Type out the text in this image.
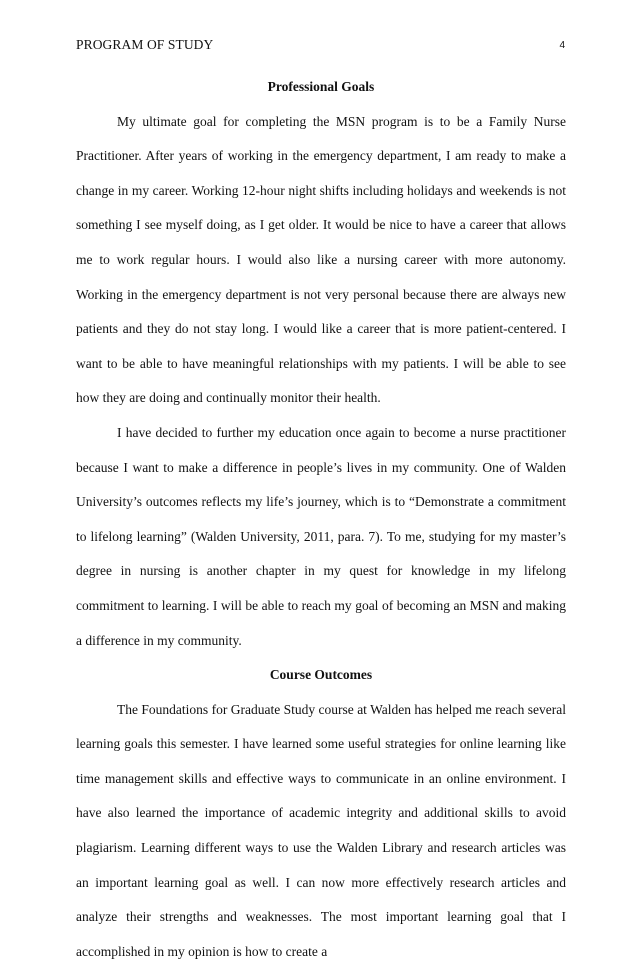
PROGRAM OF STUDY	4

Professional Goals

My ultimate goal for completing the MSN program is to be a Family Nurse Practitioner. After years of working in the emergency department, I am ready to make a change in my career. Working 12-hour night shifts including holidays and weekends is not something I see myself doing, as I get older. It would be nice to have a career that allows me to work regular hours. I would also like a nursing career with more autonomy. Working in the emergency department is not very personal because there are always new patients and they do not stay long. I would like a career that is more patient-centered. I want to be able to have meaningful relationships with my patients. I will be able to see how they are doing and continually monitor their health.

I have decided to further my education once again to become a nurse practitioner because I want to make a difference in people’s lives in my community. One of Walden University’s outcomes reflects my life’s journey, which is to “Demonstrate a commitment to lifelong learning” (Walden University, 2011, para. 7). To me, studying for my master’s degree in nursing is another chapter in my quest for knowledge in my lifelong commitment to learning. I will be able to reach my goal of becoming an MSN and making a difference in my community.

Course Outcomes

The Foundations for Graduate Study course at Walden has helped me reach several learning goals this semester. I have learned some useful strategies for online learning like time management skills and effective ways to communicate in an online environment. I have also learned the importance of academic integrity and additional skills to avoid plagiarism. Learning different ways to use the Walden Library and research articles was an important learning goal as well. I can now more effectively research articles and analyze their strengths and weaknesses. The most important learning goal that I accomplished in my opinion is how to create a
